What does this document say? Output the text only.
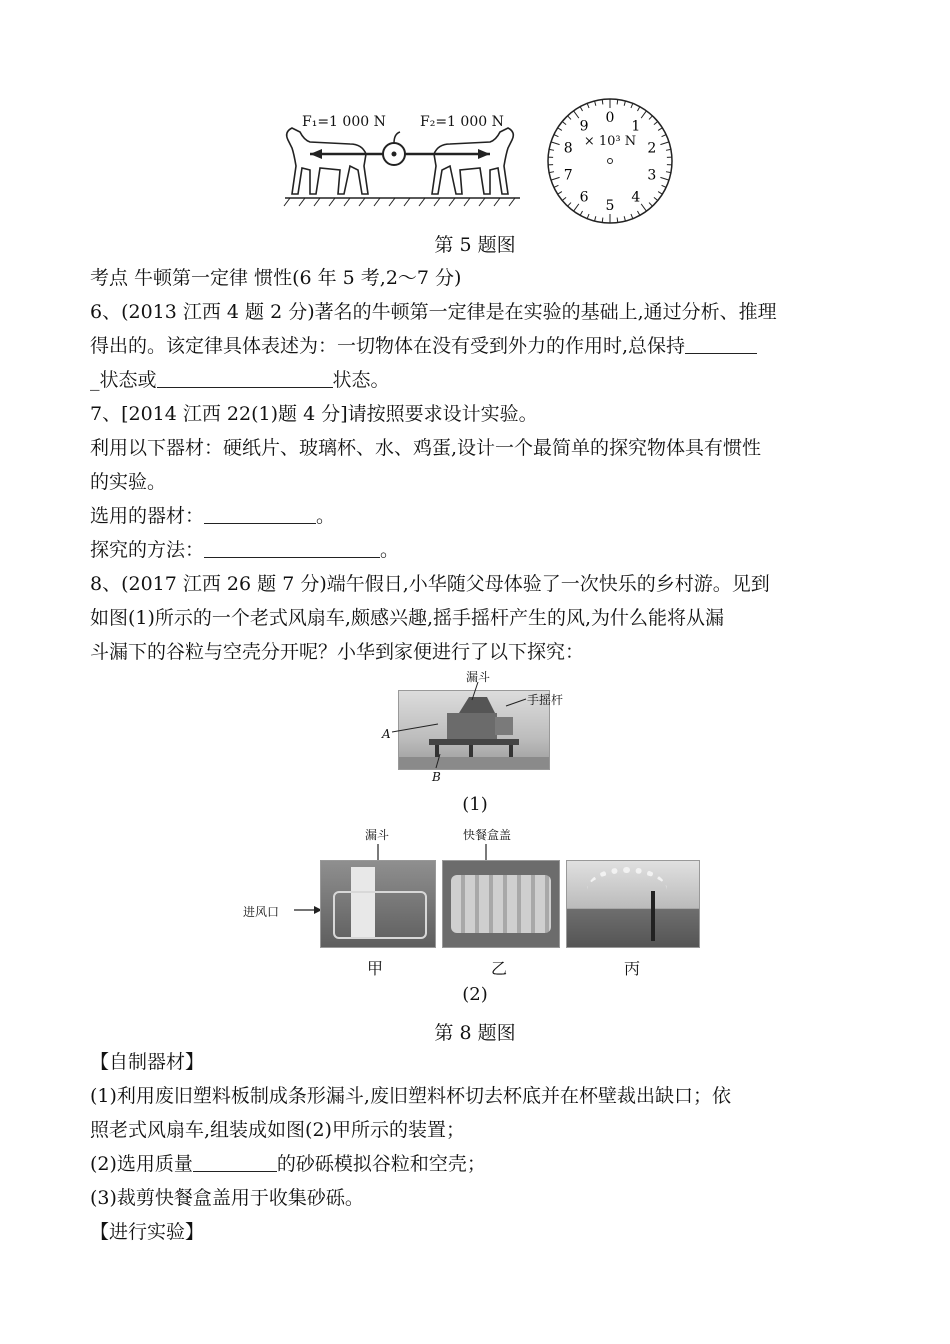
F₁=1 000 N F₂=1 000 N	0
1
2
3
4
5
6
7
8
9
× 10³ N
第 5 题图
考点 牛顿第一定律 惯性(6 年 5 考,2～7 分)
6、(2013 江西 4 题 2 分)著名的牛顿第一定律是在实验的基础上,通过分析、推理
得出的。该定律具体表述为：一切物体在没有受到外力的作用时,总保持
_状态或	状态。
7、[2014 江西 22(1)题 4 分]请按照要求设计实验。
利用以下器材：硬纸片、玻璃杯、水、鸡蛋,设计一个最简单的探究物体具有惯性
的实验。
选用的器材：	。
探究的方法：	。
8、(2017 江西 26 题 7 分)端午假日,小华随父母体验了一次快乐的乡村游。见到
如图(1)所示的一个老式风扇车,颇感兴趣,摇手摇杆产生的风,为什么能将从漏
斗漏下的谷粒与空壳分开呢？小华到家便进行了以下探究：
漏斗
手摇杆
A
B
(1)
漏斗	快餐盒盖
进风口
甲	乙	丙
(2)
第 8 题图
【自制器材】
(1)利用废旧塑料板制成条形漏斗,废旧塑料杯切去杯底并在杯壁裁出缺口；依
照老式风扇车,组装成如图(2)甲所示的装置；
(2)选用质量	的砂砾模拟谷粒和空壳；
(3)裁剪快餐盒盖用于收集砂砾。
【进行实验】
